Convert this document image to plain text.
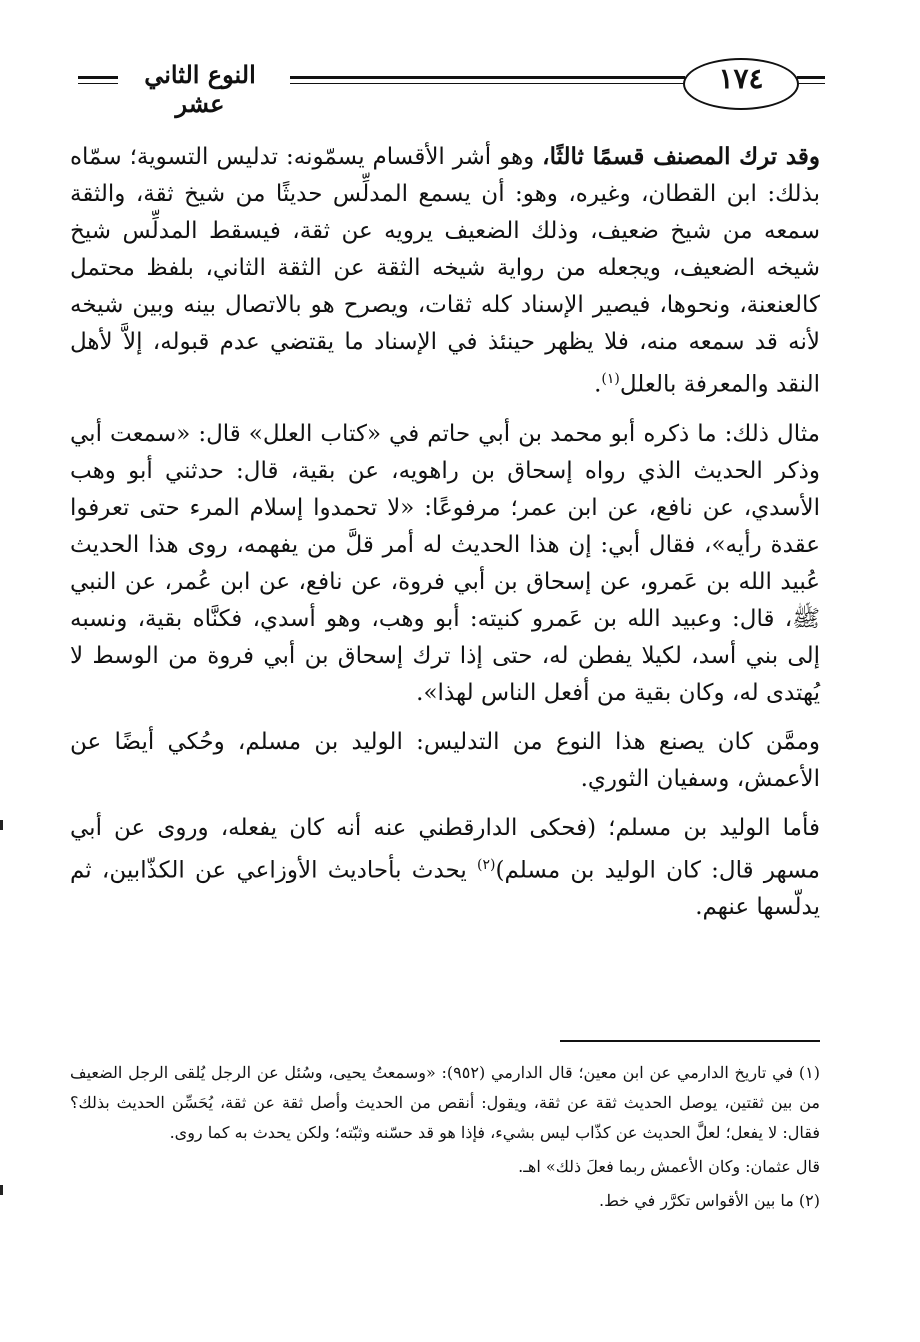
النوع الثاني عشر
١٧٤

وقد ترك المصنف قسمًا ثالثًا، وهو أشر الأقسام يسمّونه: تدليس التسوية؛ سمّاه بذلك: ابن القطان، وغيره، وهو: أن يسمع المدلِّس حديثًا من شيخ ثقة، والثقة سمعه من شيخ ضعيف، وذلك الضعيف يرويه عن ثقة، فيسقط المدلِّس شيخ شيخه الضعيف، ويجعله من رواية شيخه الثقة عن الثقة الثاني، بلفظ محتمل كالعنعنة، ونحوها، فيصير الإسناد كله ثقات، ويصرح هو بالاتصال بينه وبين شيخه لأنه قد سمعه منه، فلا يظهر حينئذ في الإسناد ما يقتضي عدم قبوله، إلاَّ لأهل النقد والمعرفة بالعلل$^{(١)}$.

مثال ذلك: ما ذكره أبو محمد بن أبي حاتم في «كتاب العلل» قال: «سمعت أبي وذكر الحديث الذي رواه إسحاق بن راهويه، عن بقية، قال: حدثني أبو وهب الأسدي، عن نافع، عن ابن عمر؛ مرفوعًا: «لا تحمدوا إسلام المرء حتى تعرفوا عقدة رأيه»، فقال أبي: إن هذا الحديث له أمر قلَّ من يفهمه، روى هذا الحديث عُبيد الله بن عَمرو، عن إسحاق بن أبي فروة، عن نافع، عن ابن عُمر، عن النبي ﷺ، قال: وعبيد الله بن عَمرو كنيته: أبو وهب، وهو أسدي، فكنَّاه بقية، ونسبه إلى بني أسد، لكيلا يفطن له، حتى إذا ترك إسحاق بن أبي فروة من الوسط لا يُهتدى له، وكان بقية من أفعل الناس لهذا».

وممَّن كان يصنع هذا النوع من التدليس: الوليد بن مسلم، وحُكي أيضًا عن الأعمش، وسفيان الثوري.

فأما الوليد بن مسلم؛ (فحكى الدارقطني عنه أنه كان يفعله، وروى عن أبي مسهر قال: كان الوليد بن مسلم)$^{(٢)}$ يحدث بأحاديث الأوزاعي عن الكذّابين، ثم يدلّسها عنهم.

(١) في تاريخ الدارمي عن ابن معين؛ قال الدارمي (٩٥٢): «وسمعتُ يحيى، وسُئل عن الرجل يُلقى الرجل الضعيف من بين ثقتين، يوصل الحديث ثقة عن ثقة، ويقول: أنقص من الحديث وأصل ثقة عن ثقة، يُحَسِّن الحديث بذلك؟ فقال: لا يفعل؛ لعلَّ الحديث عن كذّاب ليس بشيء، فإذا هو قد حسّنه وثبّته؛ ولكن يحدث به كما روى.

قال عثمان: وكان الأعمش ربما فعلَ ذلك» اهـ.

(٢) ما بين الأقواس تكرَّر في خط.
